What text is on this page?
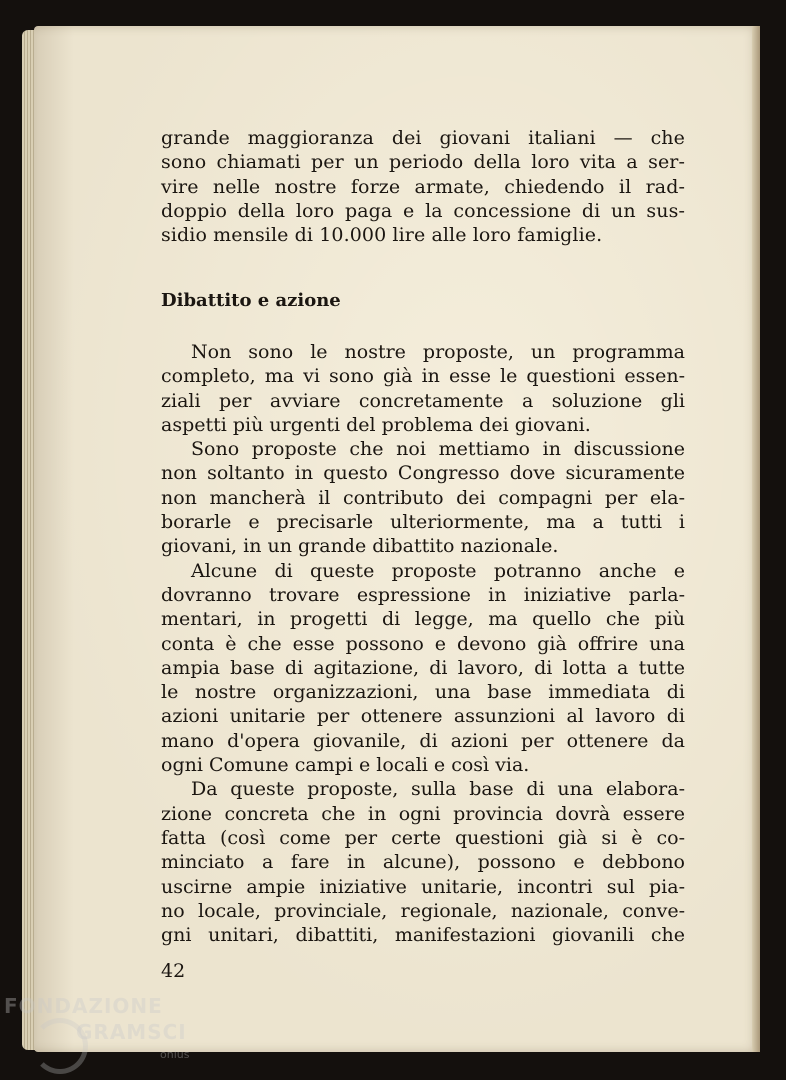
grande maggioranza dei giovani italiani — che
sono chiamati per un periodo della loro vita a ser-
vire nelle nostre forze armate, chiedendo il rad-
doppio della loro paga e la concessione di un sus-
sidio mensile di 10.000 lire alle loro famiglie.
Dibattito e azione
Non sono le nostre proposte, un programma
completo, ma vi sono già in esse le questioni essen-
ziali per avviare concretamente a soluzione gli
aspetti più urgenti del problema dei giovani.
Sono proposte che noi mettiamo in discussione
non soltanto in questo Congresso dove sicuramente
non mancherà il contributo dei compagni per ela-
borarle e precisarle ulteriormente, ma a tutti i
giovani, in un grande dibattito nazionale.
Alcune di queste proposte potranno anche e
dovranno trovare espressione in iniziative parla-
mentari, in progetti di legge, ma quello che più
conta è che esse possono e devono già offrire una
ampia base di agitazione, di lavoro, di lotta a tutte
le nostre organizzazioni, una base immediata di
azioni unitarie per ottenere assunzioni al lavoro di
mano d'opera giovanile, di azioni per ottenere da
ogni Comune campi e locali e così via.
Da queste proposte, sulla base di una elabora-
zione concreta che in ogni provincia dovrà essere
fatta (così come per certe questioni già si è co-
minciato a fare in alcune), possono e debbono
uscirne ampie iniziative unitarie, incontri sul pia-
no locale, provinciale, regionale, nazionale, conve-
gni unitari, dibattiti, manifestazioni giovanili che
42
FONDAZIONE
GRAMSCI
onlus
